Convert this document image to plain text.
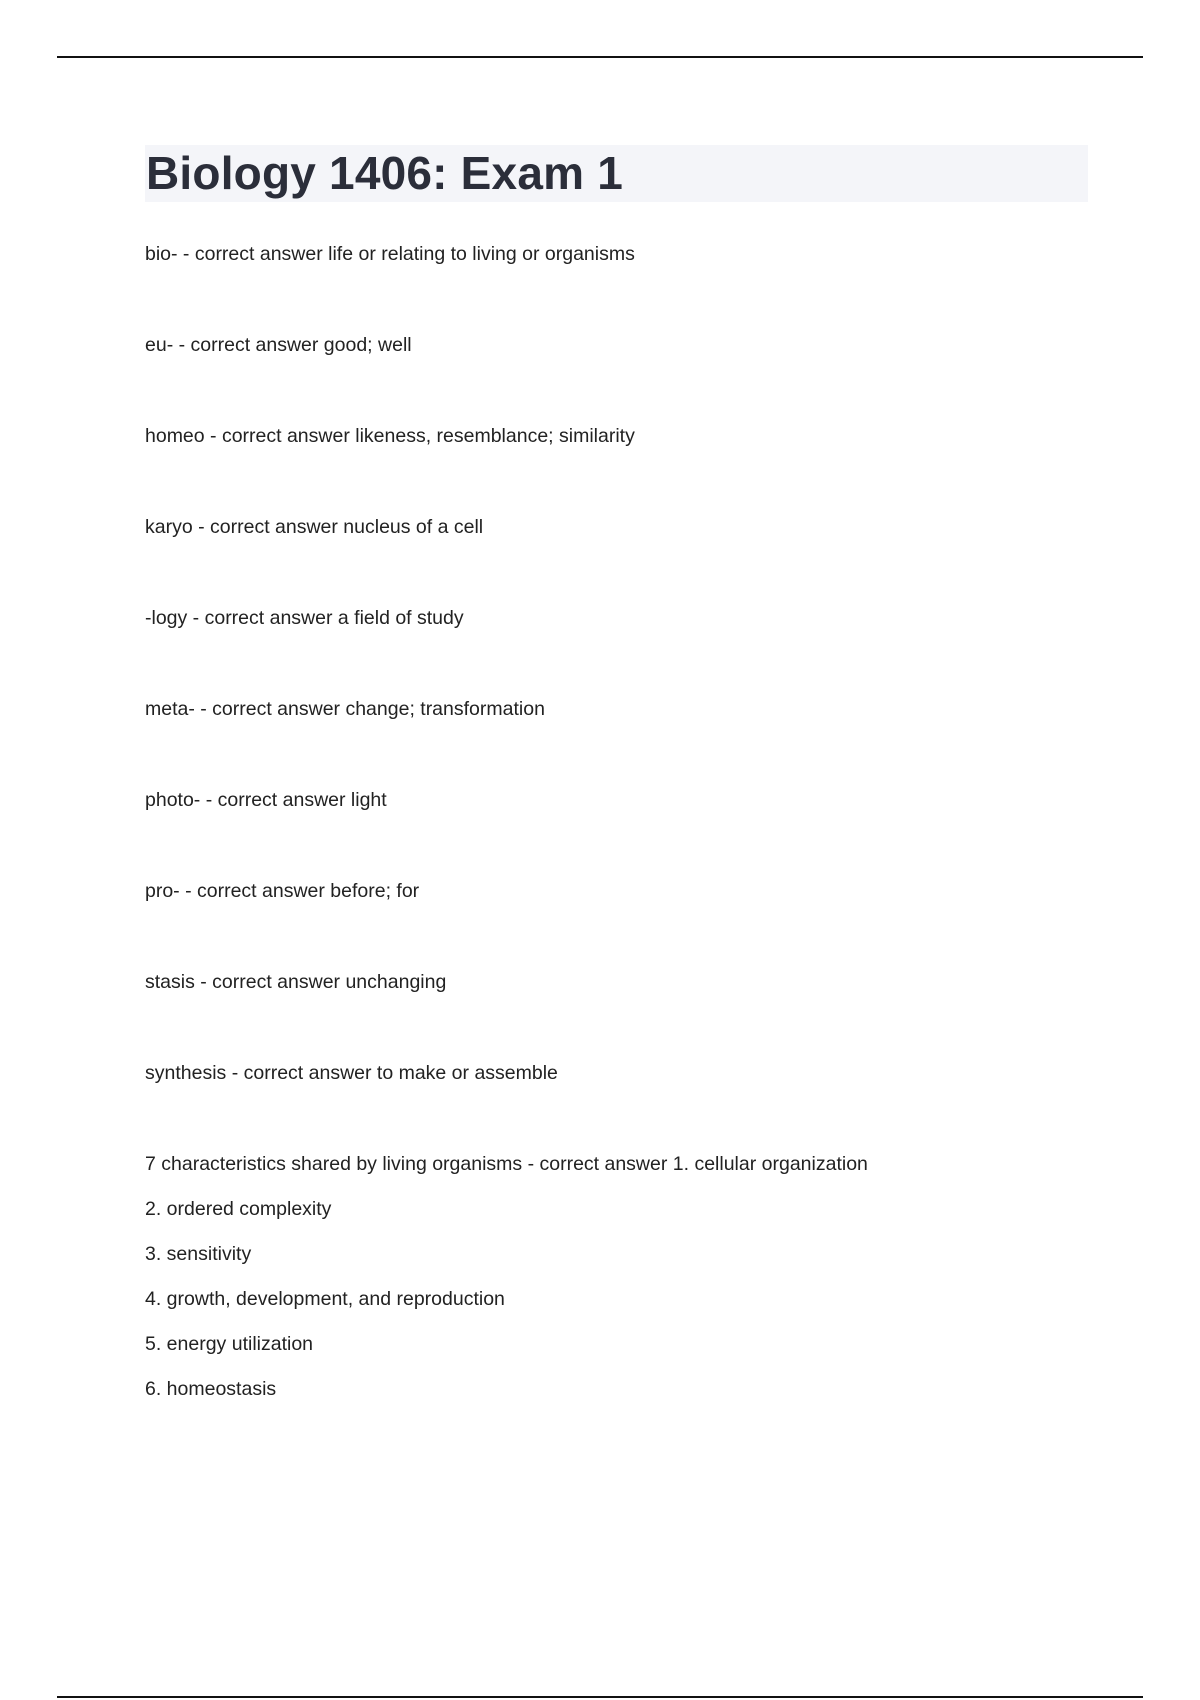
Biology 1406: Exam 1
bio- - correct answer life or relating to living or organisms
eu- - correct answer good; well
homeo - correct answer likeness, resemblance; similarity
karyo - correct answer nucleus of a cell
-logy - correct answer a field of study
meta- - correct answer change; transformation
photo- - correct answer light
pro- - correct answer before; for
stasis - correct answer unchanging
synthesis - correct answer to make or assemble
7 characteristics shared by living organisms - correct answer 1. cellular organization
2. ordered complexity
3. sensitivity
4. growth, development, and reproduction
5. energy utilization
6. homeostasis
